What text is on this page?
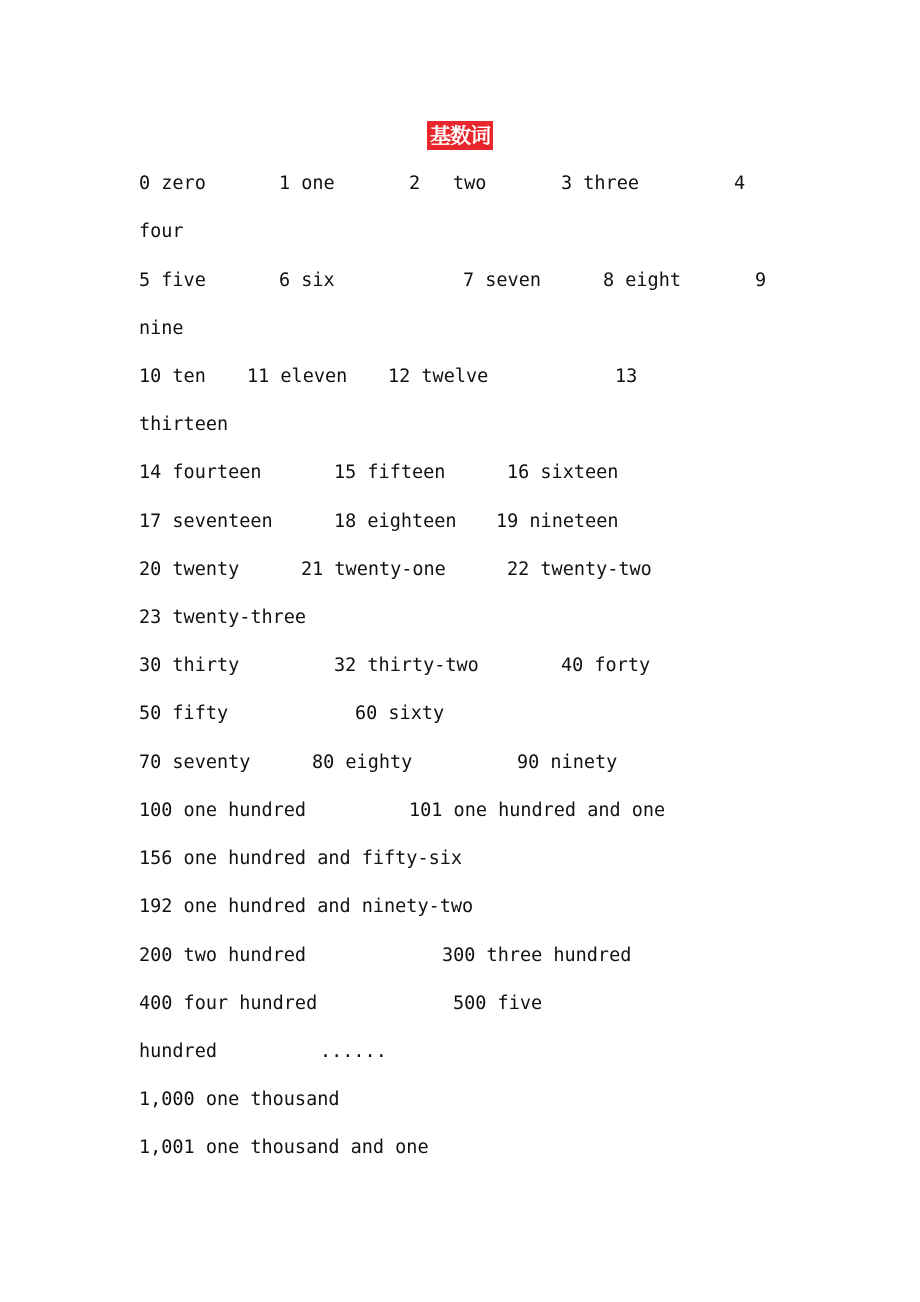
基数词

0 zero

	1 one

	2

two

	3 three

	4

four

5 five

	6 six

	7 seven

	8 eight

	9

nine

10 ten

11 eleven

12 twelve

	13

thirteen

14 fourteen

	15 fifteen

	16 sixteen

17 seventeen

	18 eighteen

19 nineteen

20 twenty

	21 twenty-one

	22 twenty-two

23 twenty-three

30 thirty

	32 thirty-two

	40 forty

50 fifty

	60 sixty

70 seventy

	80 eighty

	90 ninety

100 one hundred

	101 one hundred and one

156 one hundred and fifty-six

192 one hundred and ninety-two

200 two hundred

	300 three hundred

400 four hundred

	500 five

hundred

	......

1,000 one thousand

1,001 one thousand and one
